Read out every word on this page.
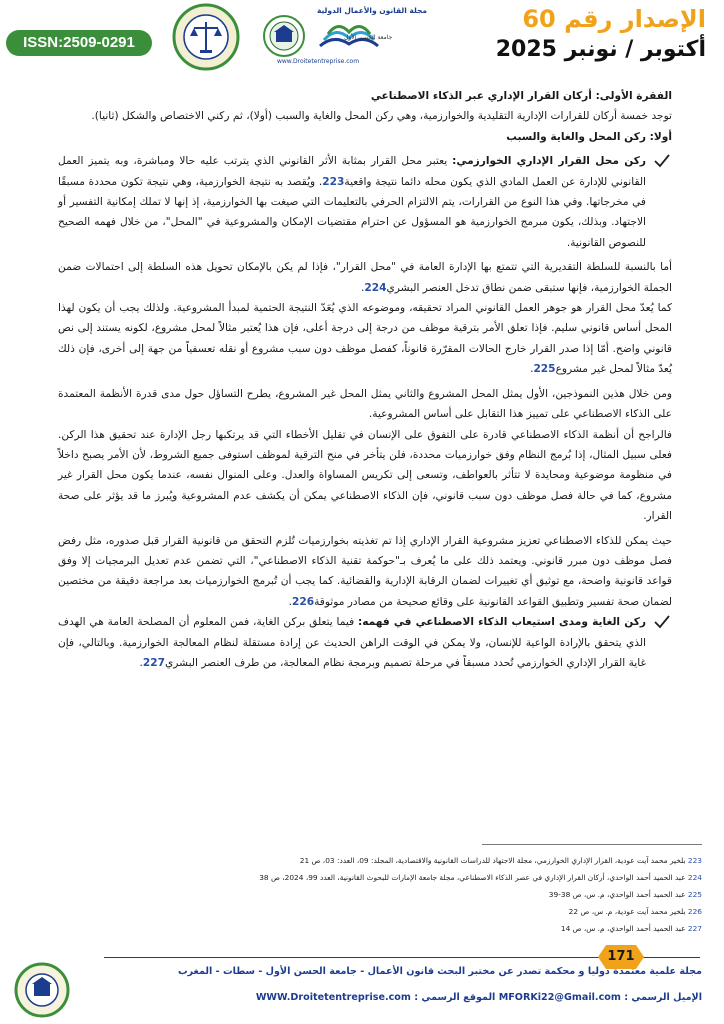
الإصدار رقم 60
أكتوبر / نونبر 2025
مجلة القانون والأعمال الدولية
جامعة الحسن الأول
www.Droitetentreprise.com
ISSN:2509-0291

الفقرة الأولى: أركان القرار الإداري عبر الذكاء الاصطناعي

توجد خمسة أركان للقرارات الإدارية التقليدية والخوارزمية، وهي ركن المحل والغاية والسبب (أولا)، ثم ركني الاختصاص والشكل (ثانيا).

أولا: ركن المحل والغاية والسبب

ركن محل القرار الإداري الخوارزمي: يعتبر محل القرار بمثابة الأثر القانوني الذي يترتب عليه حالا ومباشرة، وبه يتميز العمل القانوني للإدارة عن العمل المادي الذي يكون محله دائما نتيجة واقعية223. ويُقصد به نتيجة الخوارزمية، وهي نتيجة تكون محددة مسبقًا في مخرجاتها. وفي هذا النوع من القرارات، يتم الالتزام الحرفي بالتعليمات التي صيغت بها الخوارزمية، إذ إنها لا تملك إمكانية التفسير أو الاجتهاد. وبذلك، يكون مبرمج الخوارزمية هو المسؤول عن احترام مقتضيات الإمكان والمشروعية في "المحل"، من خلال فهمه الصحيح للنصوص القانونية.

أما بالنسبة للسلطة التقديرية التي تتمتع بها الإدارة العامة في "محل القرار"، فإذا لم يكن بالإمكان تحويل هذه السلطة إلى احتمالات ضمن الجملة الخوارزمية، فإنها ستبقى ضمن نطاق تدخل العنصر البشري224.

كما يُعدّ محل القرار هو جوهر العمل القانوني المراد تحقيقه، وموضوعه الذي يُعَدّ النتيجة الحتمية لمبدأ المشروعية. ولذلك يجب أن يكون لهذا المحل أساس قانوني سليم. فإذا تعلق الأمر بترقية موظف من درجة إلى درجة أعلى، فإن هذا يُعتبر مثالاً لمحل مشروع، لكونه يستند إلى نص قانوني واضح. أمّا إذا صدر القرار خارج الحالات المقرّرة قانوناً، كفصل موظف دون سبب مشروع أو نقله تعسفياً من جهة إلى أخرى، فإن ذلك يُعدّ مثالاً لمحل غير مشروع225.

ومن خلال هذين النموذجين، الأول يمثل المحل المشروع والثاني يمثل المحل غير المشروع، يطرح التساؤل حول مدى قدرة الأنظمة المعتمدة على الذكاء الاصطناعي على تمييز هذا التقابل على أساس المشروعية.

فالراجح أن أنظمة الذكاء الاصطناعي قادرة على التفوق على الإنسان في تقليل الأخطاء التي قد يرتكبها رجل الإدارة عند تحقيق هذا الركن. فعلى سبيل المثال، إذا بُرمج النظام وفق خوارزميات محددة، فلن يتأخر في منح الترقية لموظف استوفى جميع الشروط، لأن الأمر يصبح داخلاً في منظومة موضوعية ومحايدة لا تتأثر بالعواطف، وتسعى إلى تكريس المساواة والعدل. وعلى المنوال نفسه، عندما يكون محل القرار غير مشروع، كما في حالة فصل موظف دون سبب قانوني، فإن الذكاء الاصطناعي يمكن أن يكشف عدم المشروعية ويُبرز ما قد يؤثر على صحة القرار.

حيث يمكن للذكاء الاصطناعي تعزيز مشروعية القرار الإداري إذا تم تغذيته بخوارزميات تُلزم التحقق من قانونية القرار قبل صدوره، مثل رفض فصل موظف دون مبرر قانوني. ويعتمد ذلك على ما يُعرف بـ"حوكمة تقنية الذكاء الاصطناعي"، التي تضمن عدم تعديل البرمجيات إلا وفق قواعد قانونية واضحة، مع توثيق أي تغييرات لضمان الرقابة الإدارية والقضائية. كما يجب أن تُبرمج الخوارزميات بعد مراجعة دقيقة من مختصين لضمان صحة تفسير وتطبيق القواعد القانونية على وقائع صحيحة من مصادر موثوقة226.

ركن الغاية ومدى استيعاب الذكاء الاصطناعي في فهمه: فيما يتعلق بركن الغاية، فمن المعلوم أن المصلحة العامة هي الهدف الذي يتحقق بالإرادة الواعية للإنسان، ولا يمكن في الوقت الراهن الحديث عن إرادة مستقلة لنظام المعالجة الخوارزمية. وبالتالي، فإن غاية القرار الإداري الخوارزمي تُحدد مسبقاً في مرحلة تصميم وبرمجة نظام المعالجة، من طرف العنصر البشري227.

223 بلخير محمد آيت عودية، القرار الإداري الخوارزمي، مجلة الاجتهاد للدراسات القانونية والاقتصادية، المجلد: 09، العدد: 03، ص 21
224 عبد الحميد أحمد الواحدي، أركان القرار الإداري في عصر الذكاء الاصطناعي، مجلة جامعة الإمارات للبحوث القانونية، العدد 99، 2024، ص 38
225 عبد الحميد أحمد الواحدي، م. س، ص 38-39
226 بلخير محمد آيت عودية، م. س، ص 22
227 عبد الحميد أحمد الواحدي، م. س، ص 14
171
مجلة علمية معتمدة دوليا و محكمة تصدر عن مختبر البحث قانون الأعمال - جامعة الحسن الأول - سطات - المغرب
الإميل الرسمي : MFORKi22@Gmail.com الموقع الرسمي : WWW.Droitetentreprise.com
